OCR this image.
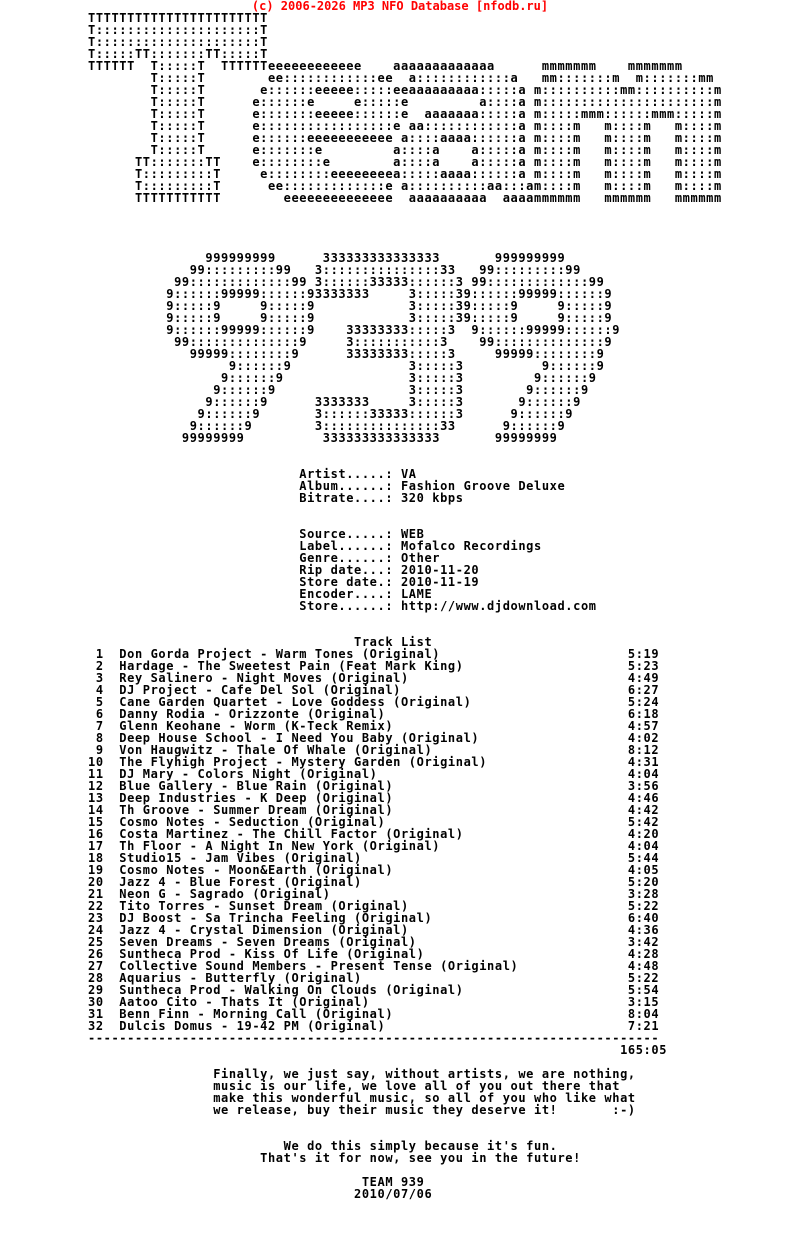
(c) 2006-2026 MP3 NFO Database [nfodb.ru]
TTTTTTTTTTTTTTTTTTTTTTT
T:::::::::::::::::::::T
T:::::::::::::::::::::T
T:::::TT:::::::TT:::::T
TTTTTT  T:::::T  TTTTTTeeeeeeeeeeee    aaaaaaaaaaaaa      mmmmmmm    mmmmmmm
T:::::T        ee::::::::::::ee  a::::::::::::a   mm:::::::m  m:::::::mm
T:::::T       e::::::eeeee:::::eeaaaaaaaaa:::::a m::::::::::mm::::::::::m
T:::::T      e::::::e     e:::::e         a::::a m::::::::::::::::::::::m
T:::::T      e:::::::eeeee::::::e  aaaaaaa:::::a m:::::mmm::::::mmm:::::m
T:::::T      e:::::::::::::::::e aa::::::::::::a m::::m   m::::m   m::::m
T:::::T      e::::::eeeeeeeeeee a::::aaaa::::::a m::::m   m::::m   m::::m
T:::::T      e:::::::e         a::::a    a:::::a m::::m   m::::m   m::::m
TT:::::::TT    e::::::::e        a::::a    a:::::a m::::m   m::::m   m::::m
T:::::::::T     e::::::::eeeeeeeea:::::aaaa::::::a m::::m   m::::m   m::::m
T:::::::::T      ee:::::::::::::e a::::::::::aa:::am::::m   m::::m   m::::m
TTTTTTTTTTT        eeeeeeeeeeeeee  aaaaaaaaaa  aaaammmmmm   mmmmmm   mmmmmm

999999999      333333333333333       999999999
99:::::::::99   3:::::::::::::::33   99:::::::::99
99:::::::::::::99 3::::::33333::::::3 99:::::::::::::99
9::::::99999::::::93333333     3:::::39::::::99999::::::9
9:::::9     9:::::9            3:::::39:::::9     9:::::9
9:::::9     9:::::9            3:::::39:::::9     9:::::9
9::::::99999::::::9    33333333:::::3  9::::::99999::::::9
99::::::::::::::9     3:::::::::::3    99::::::::::::::9
99999::::::::9      33333333:::::3     99999::::::::9
9::::::9               3:::::3          9::::::9
9::::::9                3:::::3         9::::::9
9::::::9                 3:::::3        9::::::9
9::::::9      3333333     3:::::3       9::::::9
9::::::9       3::::::33333::::::3      9::::::9
9::::::9        3:::::::::::::::33      9::::::9
99999999          333333333333333       99999999

Artist.....: VA
Album......: Fashion Groove Deluxe
Bitrate....: 320 kbps

Source.....: WEB
Label......: Mofalco Recordings
Genre......: Other
Rip date...: 2010-11-20
Store date.: 2010-11-19
Encoder....: LAME
Store......: http://www.djdownload.com

Track List
1  Don Gorda Project - Warm Tones (Original)                        5:19
2  Hardage - The Sweetest Pain (Feat Mark King)                     5:23
3  Rey Salinero - Night Moves (Original)                            4:49
4  DJ Project - Cafe Del Sol (Original)                             6:27
5  Cane Garden Quartet - Love Goddess (Original)                    5:24
6  Danny Rodia - Orizzonte (Original)                               6:18
7  Glenn Keohane - Worm (K-Teck Remix)                              4:57
8  Deep House School - I Need You Baby (Original)                   4:02
9  Von Haugwitz - Thale Of Whale (Original)                         8:12
10  The Flyhigh Project - Mystery Garden (Original)                  4:31
11  DJ Mary - Colors Night (Original)                                4:04
12  Blue Gallery - Blue Rain (Original)                              3:56
13  Deep Industries - K Deep (Original)                              4:46
14  Th Groove - Summer Dream (Original)                              4:42
15  Cosmo Notes - Seduction (Original)                               5:42
16  Costa Martinez - The Chill Factor (Original)                     4:20
17  Th Floor - A Night In New York (Original)                        4:04
18  Studio15 - Jam Vibes (Original)                                  5:44
19  Cosmo Notes - Moon&Earth (Original)                              4:05
20  Jazz 4 - Blue Forest (Original)                                  5:20
21  Neon G - Sagrado (Original)                                      3:28
22  Tito Torres - Sunset Dream (Original)                            5:22
23  DJ Boost - Sa Trincha Feeling (Original)                         6:40
24  Jazz 4 - Crystal Dimension (Original)                            4:36
25  Seven Dreams - Seven Dreams (Original)                           3:42
26  Suntheca Prod - Kiss Of Life (Original)                          4:28
27  Collective Sound Members - Present Tense (Original)              4:48
28  Aquarius - Butterfly (Original)                                  5:22
29  Suntheca Prod - Walking On Clouds (Original)                     5:54
30  Aatoo Cito - Thats It (Original)                                 3:15
31  Benn Finn - Morning Call (Original)                              8:04
32  Dulcis Domus - 19-42 PM (Original)                               7:21
-------------------------------------------------------------------------
165:05

Finally, we just say, without artists, we are nothing,
music is our life, we love all of you out there that
make this wonderful music, so all of you who like what
we release, buy their music they deserve it!       :-)

We do this simply because it's fun.
That's it for now, see you in the future!

TEAM 939
2010/07/06
